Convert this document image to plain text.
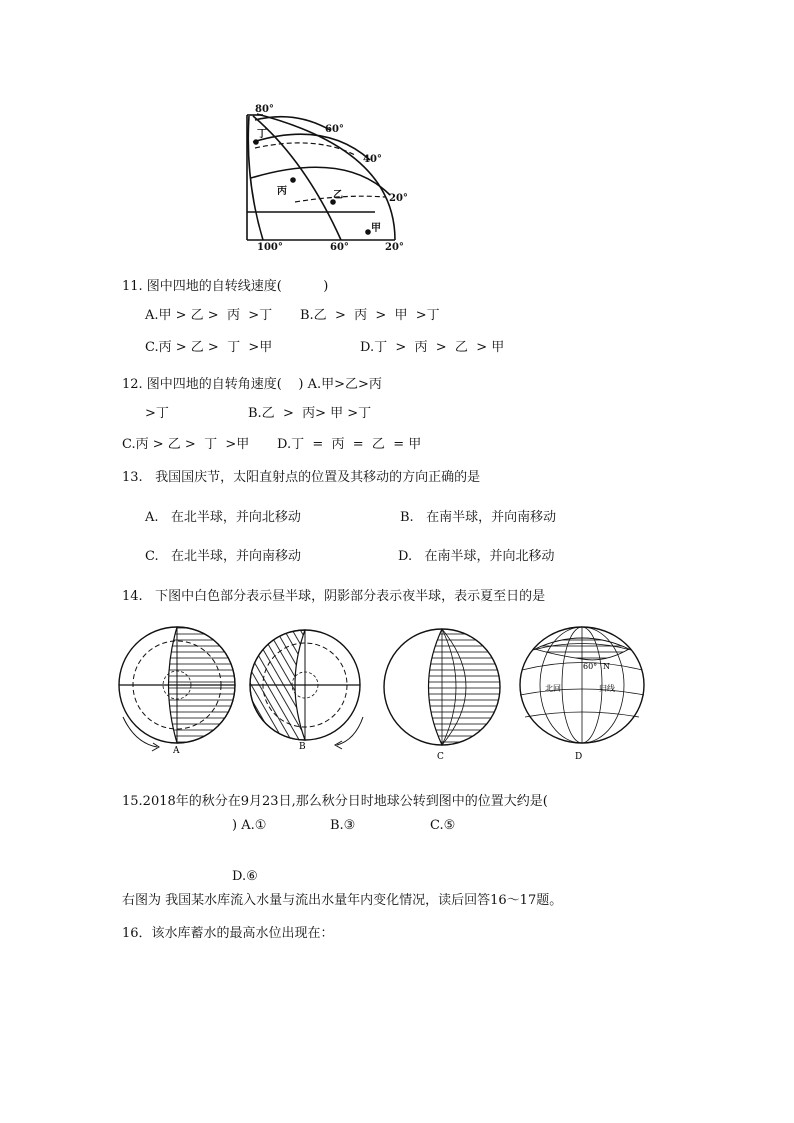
80°
60°
40°
20°
100°	60°	20°
丁
丙	乙
甲
11. 图中四地的自转线速度(          )
A.甲 > 乙 >  丙  >丁 B.乙  >  丙  >  甲  >丁
C.丙 > 乙 >  丁  >甲	D.丁  >  丙  >  乙  > 甲
12. 图中四地的自转角速度(    ) A.甲>乙>丙
>丁	B.乙  >  丙> 甲 >丁
C.丙 > 乙 >  丁  >甲 D.丁  =  丙  =  乙  = 甲
13.   我国国庆节，太阳直射点的位置及其移动的方向正确的是
A.   在北半球，并向北移动	B.   在南半球，并向南移动
C.   在北半球，并向南移动	D.   在南半球，并向北移动
14.   下图中白色部分表示昼半球，阴影部分表示夜半球，表示夏至日的是
A	B
C
60° N
北回	归线
D
15.2018年的秋分在9月23日,那么秋分日时地球公转到图中的位置大约是(
) A.①	B.③	C.⑤
D.⑥
右图为 我国某水库流入水量与流出水量年内变化情况，读后回答16～17题。
16．该水库蓄水的最高水位出现在：
